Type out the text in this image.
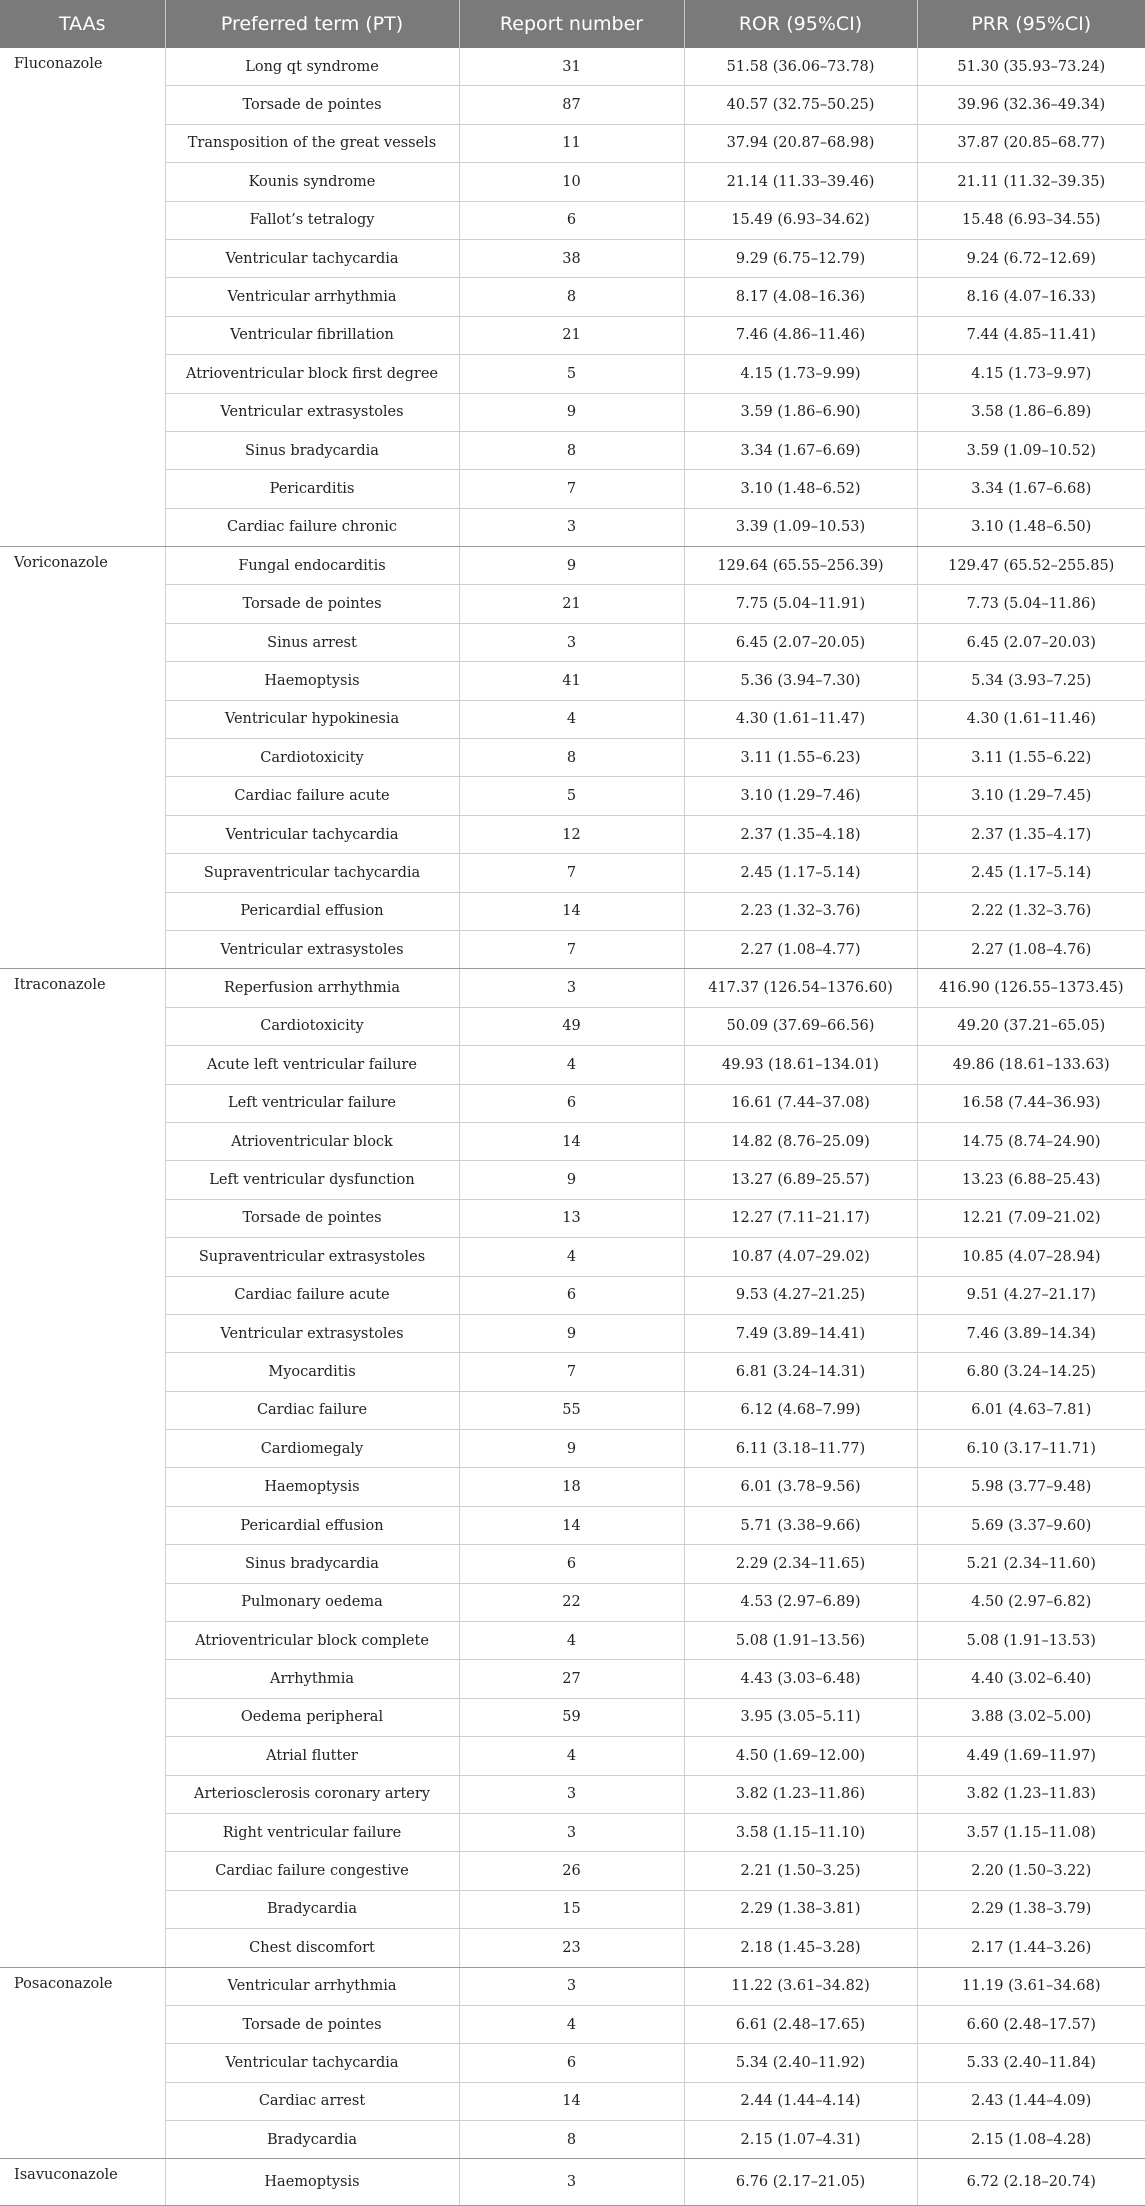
TAAs	Preferred term (PT)	Report number	ROR (95%CI)	PRR (95%CI)
Fluconazole	Long qt syndrome	31	51.58 (36.06–73.78)	51.30 (35.93–73.24)
	Torsade de pointes	87	40.57 (32.75–50.25)	39.96 (32.36–49.34)
	Transposition of the great vessels	11	37.94 (20.87–68.98)	37.87 (20.85–68.77)
	Kounis syndrome	10	21.14 (11.33–39.46)	21.11 (11.32–39.35)
	Fallot’s tetralogy	6	15.49 (6.93–34.62)	15.48 (6.93–34.55)
	Ventricular tachycardia	38	9.29 (6.75–12.79)	9.24 (6.72–12.69)
	Ventricular arrhythmia	8	8.17 (4.08–16.36)	8.16 (4.07–16.33)
	Ventricular fibrillation	21	7.46 (4.86–11.46)	7.44 (4.85–11.41)
	Atrioventricular block first degree	5	4.15 (1.73–9.99)	4.15 (1.73–9.97)
	Ventricular extrasystoles	9	3.59 (1.86–6.90)	3.58 (1.86–6.89)
	Sinus bradycardia	8	3.34 (1.67–6.69)	3.59 (1.09–10.52)
	Pericarditis	7	3.10 (1.48–6.52)	3.34 (1.67–6.68)
	Cardiac failure chronic	3	3.39 (1.09–10.53)	3.10 (1.48–6.50)
Voriconazole	Fungal endocarditis	9	129.64 (65.55–256.39)	129.47 (65.52–255.85)
	Torsade de pointes	21	7.75 (5.04–11.91)	7.73 (5.04–11.86)
	Sinus arrest	3	6.45 (2.07–20.05)	6.45 (2.07–20.03)
	Haemoptysis	41	5.36 (3.94–7.30)	5.34 (3.93–7.25)
	Ventricular hypokinesia	4	4.30 (1.61–11.47)	4.30 (1.61–11.46)
	Cardiotoxicity	8	3.11 (1.55–6.23)	3.11 (1.55–6.22)
	Cardiac failure acute	5	3.10 (1.29–7.46)	3.10 (1.29–7.45)
	Ventricular tachycardia	12	2.37 (1.35–4.18)	2.37 (1.35–4.17)
	Supraventricular tachycardia	7	2.45 (1.17–5.14)	2.45 (1.17–5.14)
	Pericardial effusion	14	2.23 (1.32–3.76)	2.22 (1.32–3.76)
	Ventricular extrasystoles	7	2.27 (1.08–4.77)	2.27 (1.08–4.76)
Itraconazole	Reperfusion arrhythmia	3	417.37 (126.54–1376.60)	416.90 (126.55–1373.45)
	Cardiotoxicity	49	50.09 (37.69–66.56)	49.20 (37.21–65.05)
	Acute left ventricular failure	4	49.93 (18.61–134.01)	49.86 (18.61–133.63)
	Left ventricular failure	6	16.61 (7.44–37.08)	16.58 (7.44–36.93)
	Atrioventricular block	14	14.82 (8.76–25.09)	14.75 (8.74–24.90)
	Left ventricular dysfunction	9	13.27 (6.89–25.57)	13.23 (6.88–25.43)
	Torsade de pointes	13	12.27 (7.11–21.17)	12.21 (7.09–21.02)
	Supraventricular extrasystoles	4	10.87 (4.07–29.02)	10.85 (4.07–28.94)
	Cardiac failure acute	6	9.53 (4.27–21.25)	9.51 (4.27–21.17)
	Ventricular extrasystoles	9	7.49 (3.89–14.41)	7.46 (3.89–14.34)
	Myocarditis	7	6.81 (3.24–14.31)	6.80 (3.24–14.25)
	Cardiac failure	55	6.12 (4.68–7.99)	6.01 (4.63–7.81)
	Cardiomegaly	9	6.11 (3.18–11.77)	6.10 (3.17–11.71)
	Haemoptysis	18	6.01 (3.78–9.56)	5.98 (3.77–9.48)
	Pericardial effusion	14	5.71 (3.38–9.66)	5.69 (3.37–9.60)
	Sinus bradycardia	6	2.29 (2.34–11.65)	5.21 (2.34–11.60)
	Pulmonary oedema	22	4.53 (2.97–6.89)	4.50 (2.97–6.82)
	Atrioventricular block complete	4	5.08 (1.91–13.56)	5.08 (1.91–13.53)
	Arrhythmia	27	4.43 (3.03–6.48)	4.40 (3.02–6.40)
	Oedema peripheral	59	3.95 (3.05–5.11)	3.88 (3.02–5.00)
	Atrial flutter	4	4.50 (1.69–12.00)	4.49 (1.69–11.97)
	Arteriosclerosis coronary artery	3	3.82 (1.23–11.86)	3.82 (1.23–11.83)
	Right ventricular failure	3	3.58 (1.15–11.10)	3.57 (1.15–11.08)
	Cardiac failure congestive	26	2.21 (1.50–3.25)	2.20 (1.50–3.22)
	Bradycardia	15	2.29 (1.38–3.81)	2.29 (1.38–3.79)
	Chest discomfort	23	2.18 (1.45–3.28)	2.17 (1.44–3.26)
Posaconazole	Ventricular arrhythmia	3	11.22 (3.61–34.82)	11.19 (3.61–34.68)
	Torsade de pointes	4	6.61 (2.48–17.65)	6.60 (2.48–17.57)
	Ventricular tachycardia	6	5.34 (2.40–11.92)	5.33 (2.40–11.84)
	Cardiac arrest	14	2.44 (1.44–4.14)	2.43 (1.44–4.09)
	Bradycardia	8	2.15 (1.07–4.31)	2.15 (1.08–4.28)
Isavuconazole	Haemoptysis	3	6.76 (2.17–21.05)	6.72 (2.18–20.74)
